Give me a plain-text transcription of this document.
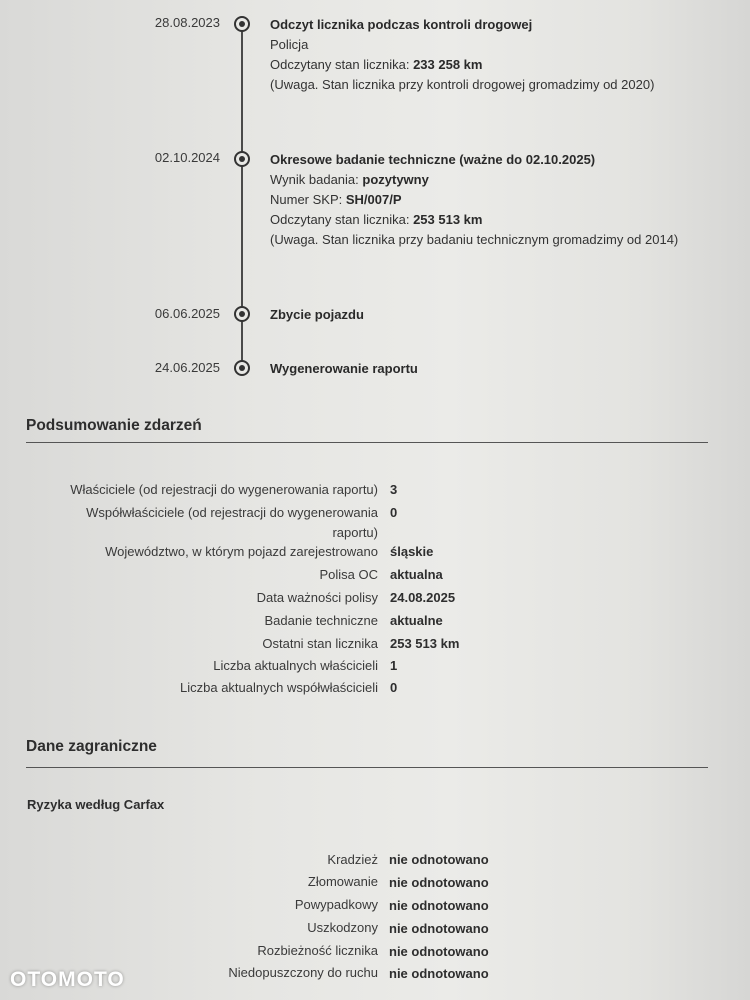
28.08.2023	Odczyt licznika podczas kontroli drogowej
Policja
Odczytany stan licznika: 233 258 km
(Uwaga. Stan licznika przy kontroli drogowej gromadzimy od 2020)
02.10.2024	Okresowe badanie techniczne (ważne do 02.10.2025)
Wynik badania: pozytywny
Numer SKP: SH/007/P
Odczytany stan licznika: 253 513 km
(Uwaga. Stan licznika przy badaniu technicznym gromadzimy od 2014)
06.06.2025	Zbycie pojazdu
24.06.2025	Wygenerowanie raportu
Podsumowanie zdarzeń
Właściciele (od rejestracji do wygenerowania raportu) 3
Współwłaściciele (od rejestracji do wygenerowania
raportu)
0
Województwo, w którym pojazd zarejestrowano śląskie
Polisa OC aktualna
Data ważności polisy 24.08.2025
Badanie techniczne aktualne
Ostatni stan licznika 253 513 km
Liczba aktualnych właścicieli 1
Liczba aktualnych współwłaścicieli 0
Dane zagraniczne
Ryzyka według Carfax
Kradzież nie odnotowano
Złomowanie nie odnotowano
Powypadkowy nie odnotowano
Uszkodzony nie odnotowano
Rozbieżność licznika nie odnotowano
Niedopuszczony do ruchu nie odnotowano
OTOMOTO
